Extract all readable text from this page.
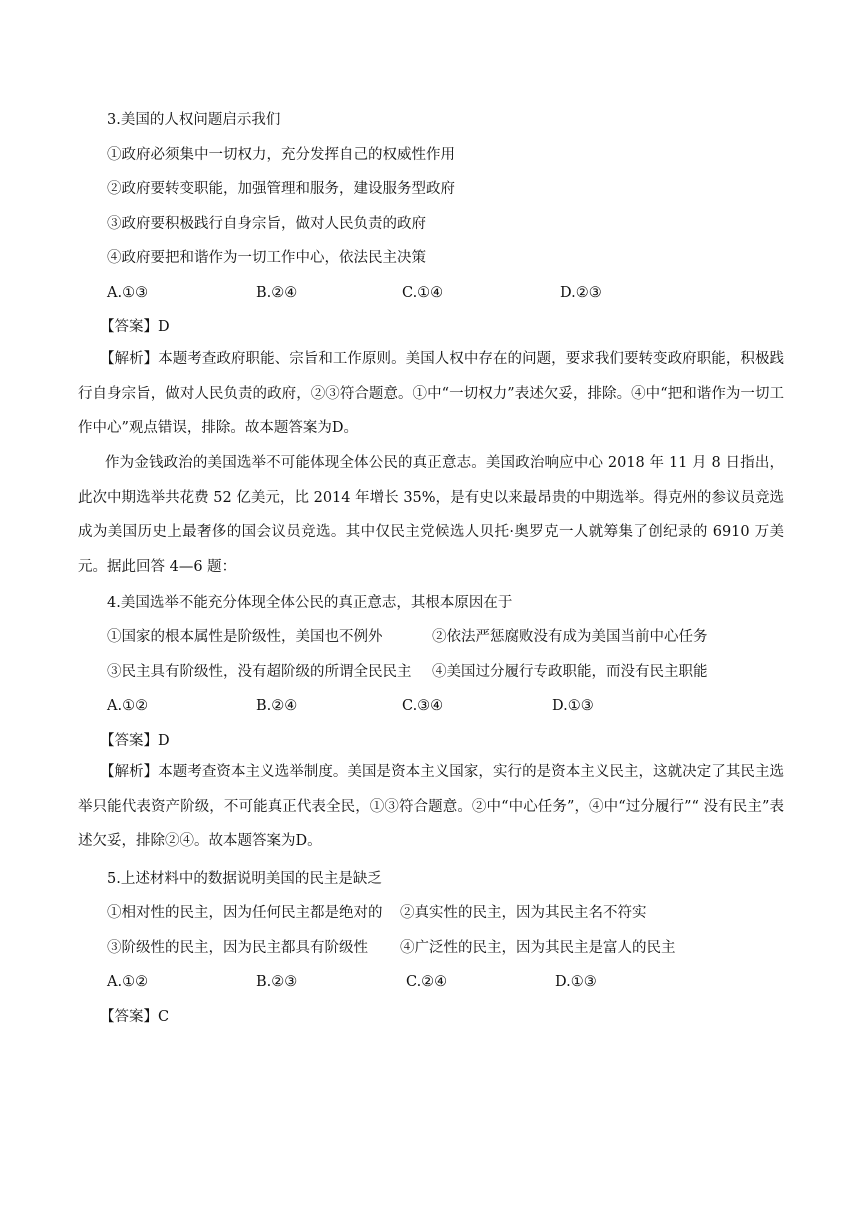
3.美国的人权问题启示我们
①政府必须集中一切权力，充分发挥自己的权威性作用
②政府要转变职能，加强管理和服务，建设服务型政府
③政府要积极践行自身宗旨，做对人民负责的政府
④政府要把和谐作为一切工作中心，依法民主决策
A.①③	B.②④	C.①④	D.②③
【答案】D
【解析】本题考查政府职能、宗旨和工作原则。美国人权中存在的问题，要求我们要转变政府职能，积极践行自身宗旨，做对人民负责的政府，②③符合题意。①中“一切权力”表述欠妥，排除。④中“把和谐作为一切工作中心”观点错误，排除。故本题答案为D。
作为金钱政治的美国选举不可能体现全体公民的真正意志。美国政治响应中心 2018 年 11 月 8 日指出，此次中期选举共花费 52 亿美元，比 2014 年增长 35%，是有史以来最昂贵的中期选举。得克州的参议员竞选成为美国历史上最奢侈的国会议员竞选。其中仅民主党候选人贝托·奥罗克一人就筹集了创纪录的 6910 万美元。据此回答 4—6 题：
4.美国选举不能充分体现全体公民的真正意志，其根本原因在于
①国家的根本属性是阶级性，美国也不例外	②依法严惩腐败没有成为美国当前中心任务
③民主具有阶级性，没有超阶级的所谓全民民主 ④美国过分履行专政职能，而没有民主职能
A.①②	B.②④	C.③④	D.①③
【答案】D
【解析】本题考查资本主义选举制度。美国是资本主义国家，实行的是资本主义民主，这就决定了其民主选举只能代表资产阶级，不可能真正代表全民，①③符合题意。②中“中心任务”，④中“过分履行”“ 没有民主”表述欠妥，排除②④。故本题答案为D。
5.上述材料中的数据说明美国的民主是缺乏
①相对性的民主，因为任何民主都是绝对的 ②真实性的民主，因为其民主名不符实
③阶级性的民主，因为民主都具有阶级性 ④广泛性的民主，因为其民主是富人的民主
A.①②	B.②③	C.②④	D.①③
【答案】C
